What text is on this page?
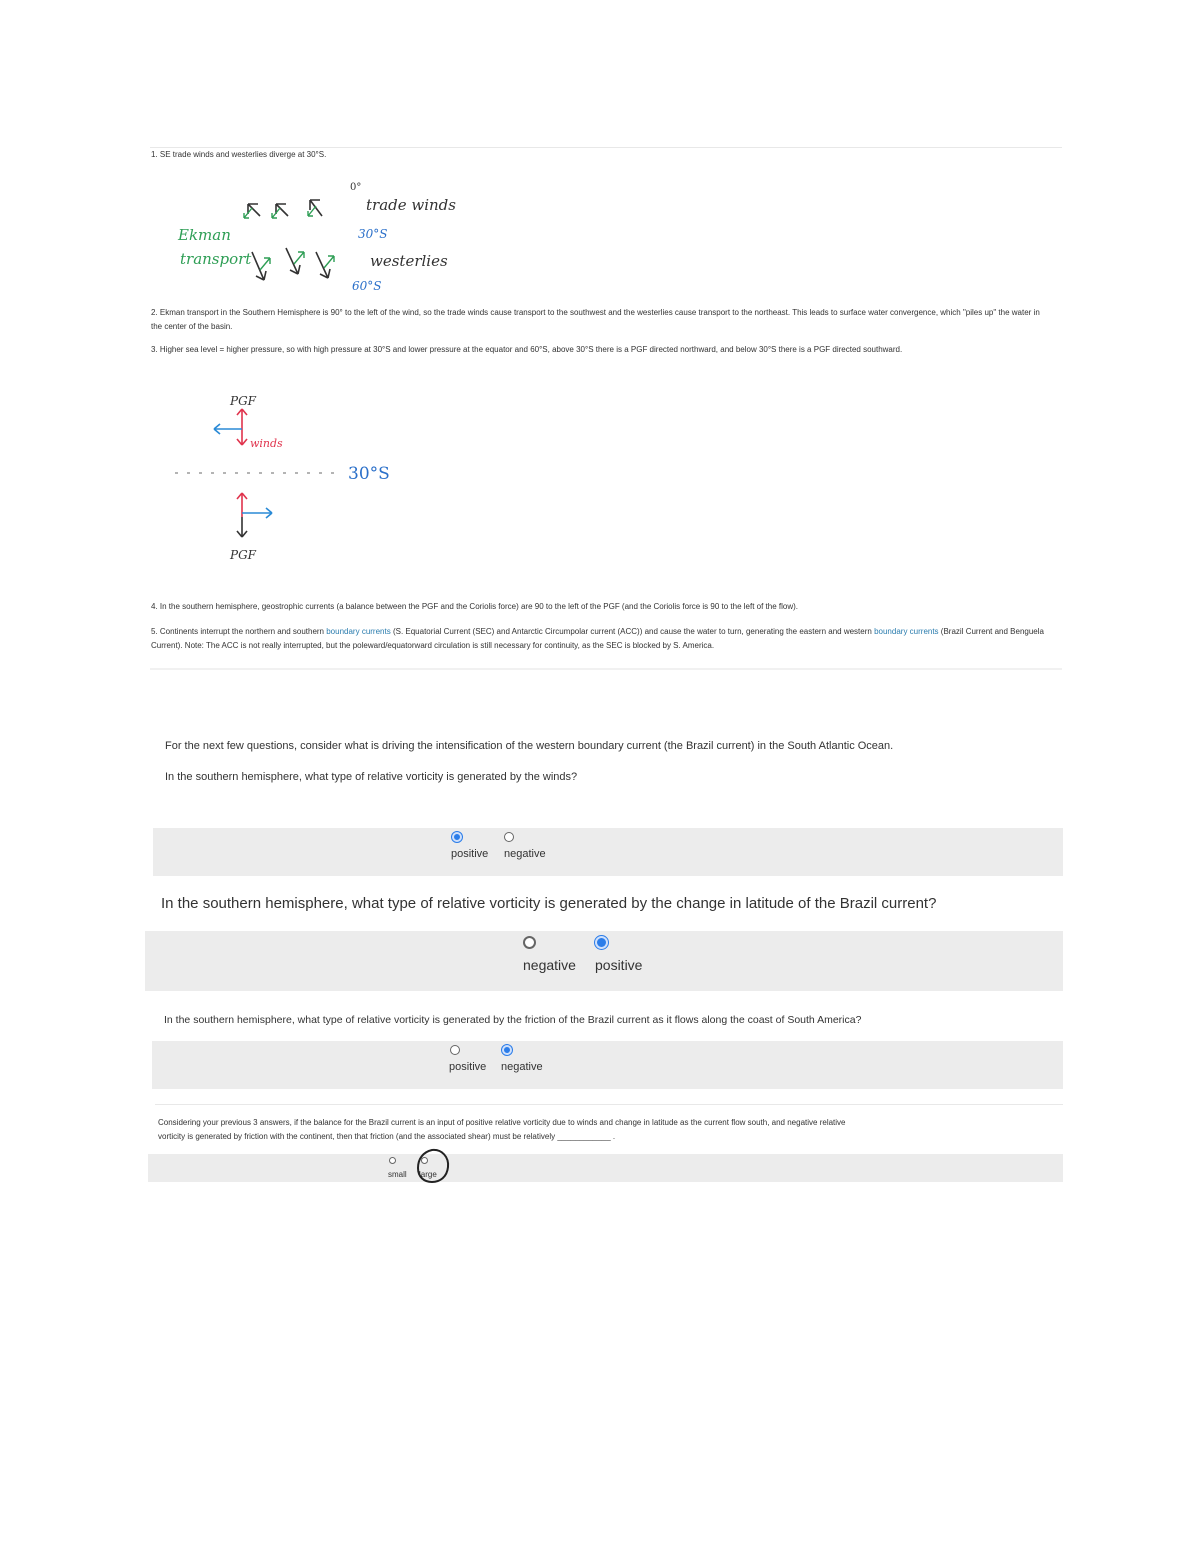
1. SE trade winds and westerlies diverge at 30°S.
0°
trade winds
30°S
westerlies
60°S
Ekman
transport
2. Ekman transport in the Southern Hemisphere is 90° to the left of the wind, so the trade winds cause transport to the southwest and the westerlies cause transport to the northeast. This leads to surface water convergence, which "piles up" the water in the center of the basin.
3. Higher sea level = higher pressure, so with high pressure at 30°S and lower pressure at the equator and 60°S, above 30°S there is a PGF directed northward, and below 30°S there is a PGF directed southward.
PGF
winds
30°S
PGF
4. In the southern hemisphere, geostrophic currents (a balance between the PGF and the Coriolis force) are 90 to the left of the PGF (and the Coriolis force is 90 to the left of the flow).
5. Continents interrupt the northern and southern boundary currents (S. Equatorial Current (SEC) and Antarctic Circumpolar current (ACC)) and cause the water to turn, generating the eastern and western boundary currents (Brazil Current and Benguela Current). Note: The ACC is not really interrupted, but the poleward/equatorward circulation is still necessary for continuity, as the SEC is blocked by S. America.
For the next few questions, consider what is driving the intensification of the western boundary current (the Brazil current) in the South Atlantic Ocean.
In the southern hemisphere, what type of relative vorticity is generated by the winds?
positive negative
In the southern hemisphere, what type of relative vorticity is generated by the change in latitude of the Brazil current?
negative positive
In the southern hemisphere, what type of relative vorticity is generated by the friction of the Brazil current as it flows along the coast of South America?
positive negative
Considering your previous 3 answers, if the balance for the Brazil current is an input of positive relative vorticity due to winds and change in latitude as the current flow south, and negative relative
vorticity is generated by friction with the continent, then that friction (and the associated shear) must be relatively ____________ .
small large
